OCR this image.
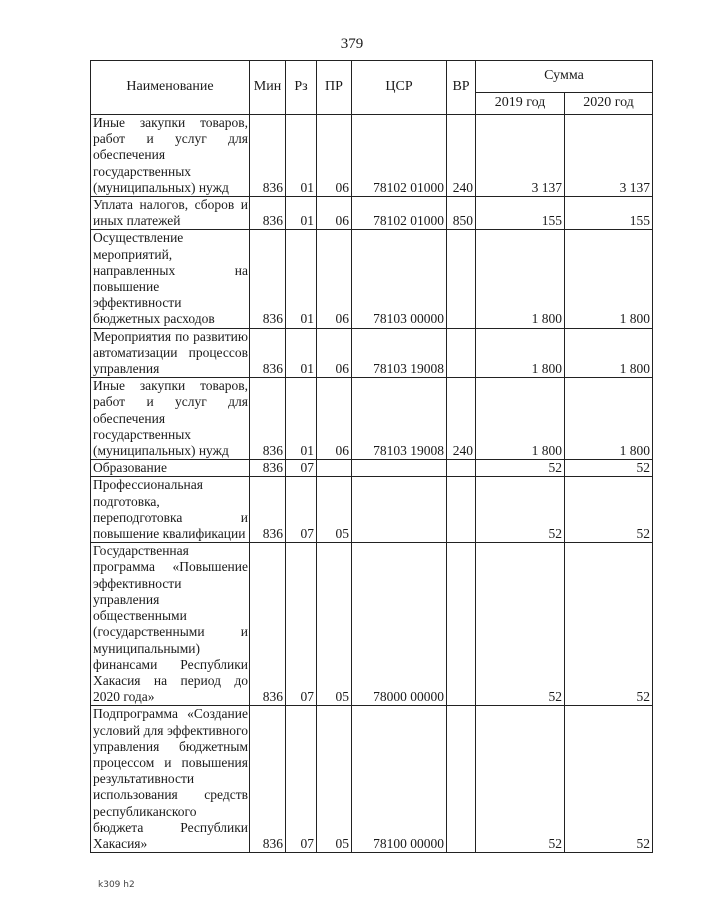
379
Наименование	Мин	Рз	ПР	ЦСР	ВР	Сумма	
						2019 год	2020 год
Иные закупки товаров, работ и услуг для обеспечения государственных (муниципальных) нужд	836	01	06	78102 01000	240	3 137	3 137
Уплата налогов, сборов и иных платежей	836	01	06	78102 01000	850	155	155
Осуществление мероприятий, направленных на повышение эффективности бюджетных расходов	836	01	06	78103 00000		1 800	1 800
Мероприятия по развитию автоматизации процессов управления	836	01	06	78103 19008		1 800	1 800
Иные закупки товаров, работ и услуг для обеспечения государственных (муниципальных) нужд	836	01	06	78103 19008	240	1 800	1 800
Образование	836	07				52	52
Профессиональная подготовка, переподготовка и повышение квалификации	836	07	05			52	52
Государственная программа «Повышение эффективности управления общественными (государственными и муниципальными) финансами Республики Хакасия на период до 2020 года»	836	07	05	78000 00000		52	52
Подпрограмма «Создание условий для эффективного управления бюджетным процессом и повышения результативности использования средств республиканского бюджета Республики Хакасия»	836	07	05	78100 00000		52	52
k309 h2
